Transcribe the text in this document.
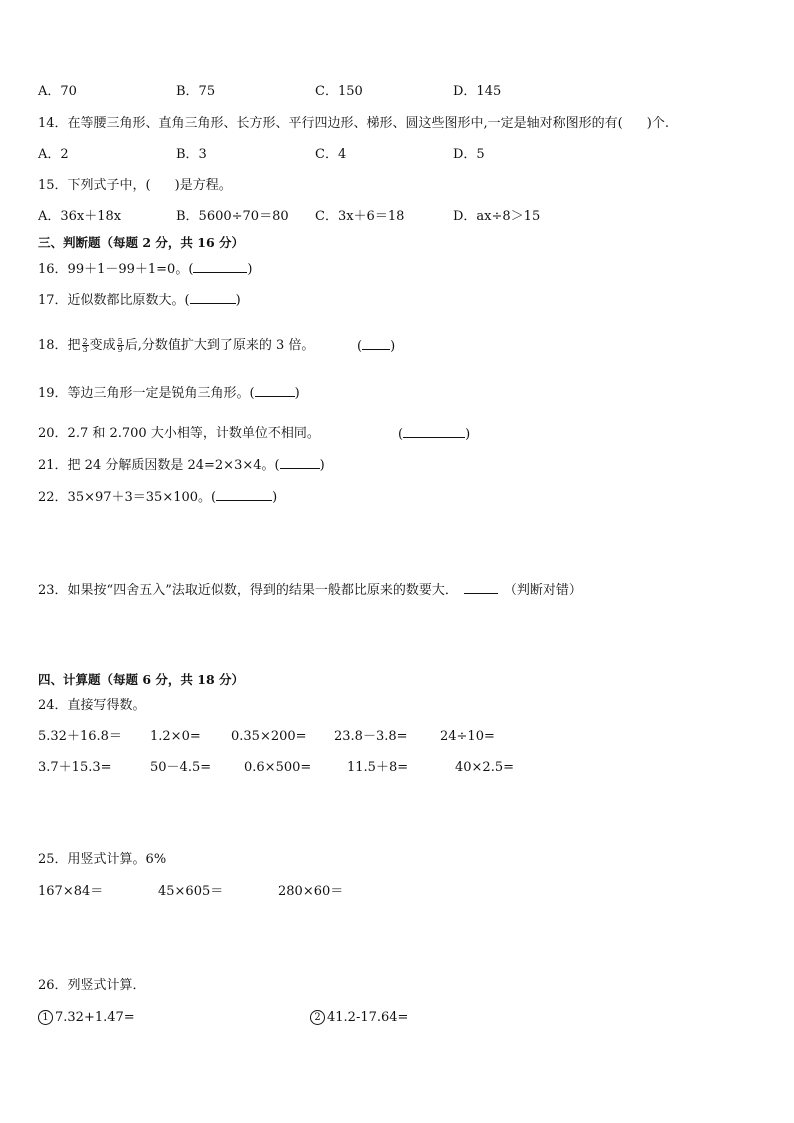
A．70	B．75	C．150	D．145
14．在等腰三角形、直角三角形、长方形、平行四边形、梯形、圆这些图形中,一定是轴对称图形的有( )个.
A．2	B．3	C．4	D．5
15．下列式子中，( )是方程。
A．36x＋18x	B．5600÷70＝80 C．3x＋6＝18	D．ax÷8＞15
三、判断题（每题 2 分，共 16 分）
16．99＋1－99＋1=0。(	)
17．近似数都比原数大。(	)
18．把 $\frac{2}{3}$ 变成 $\frac{5}{9}$ 后,分数值扩大到了原来的 3 倍。	( )
19．等边三角形一定是锐角三角形。(	)
20．2.7 和 2.700 大小相等，计数单位不相同。	(	)
21．把 24 分解质因数是 24=2×3×4。(	)
22．35×97＋3＝35×100。(	)
23．如果按“四舍五入”法取近似数，得到的结果一般都比原来的数要大．	（判断对错）
四、计算题（每题 6 分，共 18 分）
24．直接写得数。
5.32＋16.8＝ 1.2×0= 0.35×200= 23.8－3.8= 24÷10=
3.7＋15.3=	50－4.5=	0.6×500=	11.5＋8=	40×2.5=
25．用竖式计算。6%
167×84＝	45×605＝	280×60＝
26．列竖式计算．
1 7.32+1.47=	2 41.2-17.64=
